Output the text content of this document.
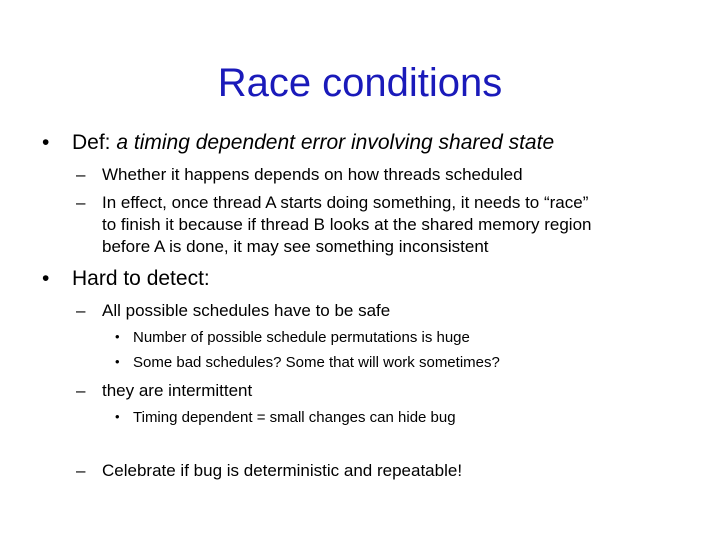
Race conditions
• Def: a timing dependent error involving shared state
– Whether it happens depends on how threads scheduled
– In effect, once thread A starts doing something, it needs to “race”
to finish it because if thread B looks at the shared memory region
before A is done, it may see something inconsistent
• Hard to detect:
– All possible schedules have to be safe
• Number of possible schedule permutations is huge
• Some bad schedules? Some that will work sometimes?
– they are intermittent
• Timing dependent = small changes can hide bug
– Celebrate if bug is deterministic and repeatable!
